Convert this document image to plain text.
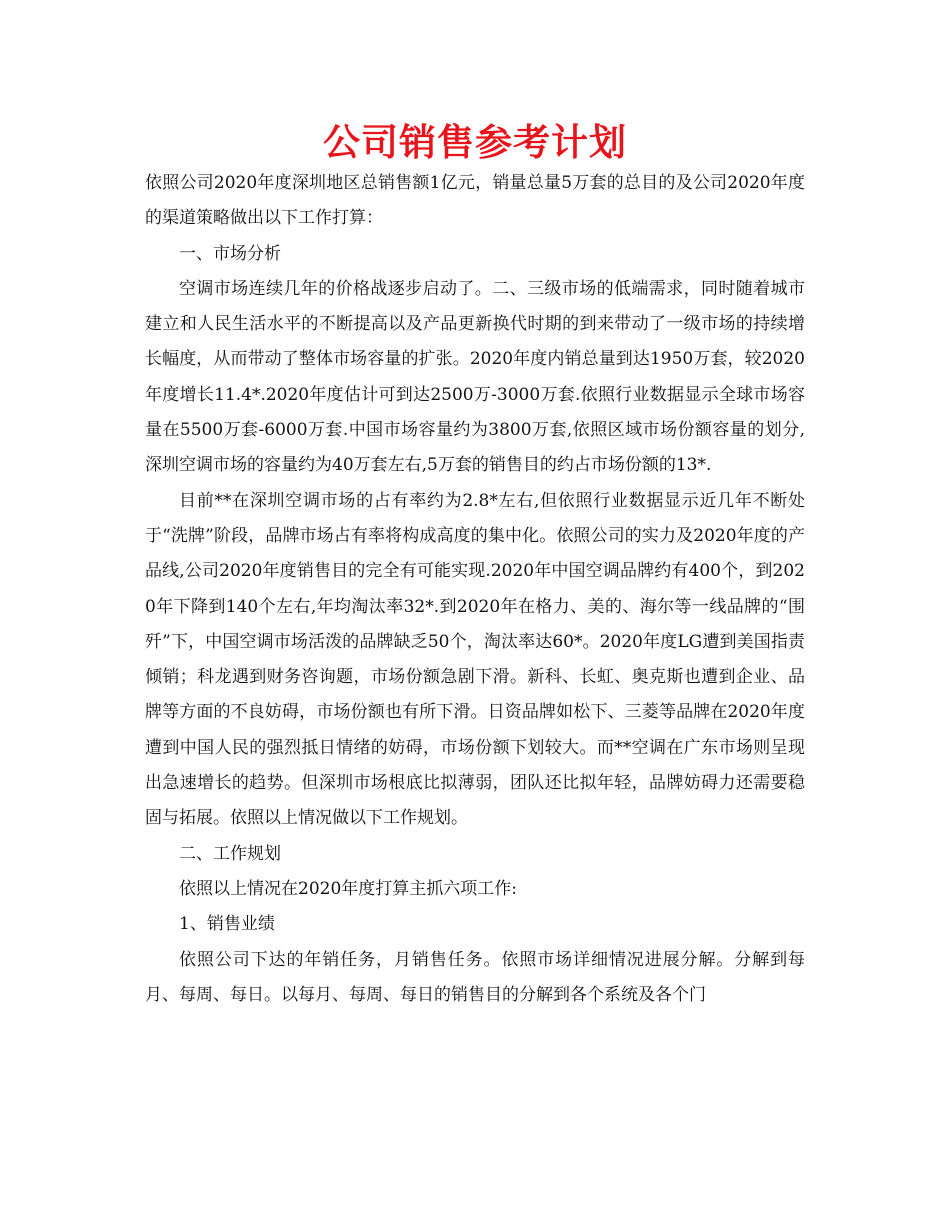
公司销售参考计划

依照公司2020年度深圳地区总销售额1亿元，销量总量5万套的总目的及公司2020年度的渠道策略做出以下工作打算：

一、市场分析

空调市场连续几年的价格战逐步启动了。二、三级市场的低端需求，同时随着城市建立和人民生活水平的不断提高以及产品更新换代时期的到来带动了一级市场的持续增长幅度，从而带动了整体市场容量的扩张。2020年度内销总量到达1950万套，较2020年度增长11.4*.2020年度估计可到达2500万-3000万套.依照行业数据显示全球市场容量在5500万套-6000万套.中国市场容量约为3800万套,依照区域市场份额容量的划分,深圳空调市场的容量约为40万套左右,5万套的销售目的约占市场份额的13*.

目前**在深圳空调市场的占有率约为2.8*左右,但依照行业数据显示近几年不断处于“洗牌”阶段，品牌市场占有率将构成高度的集中化。依照公司的实力及2020年度的产品线,公司2020年度销售目的完全有可能实现.2020年中国空调品牌约有400个，到2020年下降到140个左右,年均淘汰率32*.到2020年在格力、美的、海尔等一线品牌的“围歼”下，中国空调市场活泼的品牌缺乏50个，淘汰率达60*。2020年度LG遭到美国指责倾销；科龙遇到财务咨询题，市场份额急剧下滑。新科、长虹、奥克斯也遭到企业、品牌等方面的不良妨碍，市场份额也有所下滑。日资品牌如松下、三菱等品牌在2020年度遭到中国人民的强烈抵日情绪的妨碍，市场份额下划较大。而**空调在广东市场则呈现出急速增长的趋势。但深圳市场根底比拟薄弱，团队还比拟年轻，品牌妨碍力还需要稳固与拓展。依照以上情况做以下工作规划。

二、工作规划

依照以上情况在2020年度打算主抓六项工作:

1、销售业绩

依照公司下达的年销任务，月销售任务。依照市场详细情况进展分解。分解到每月、每周、每日。以每月、每周、每日的销售目的分解到各个系统及各个门
